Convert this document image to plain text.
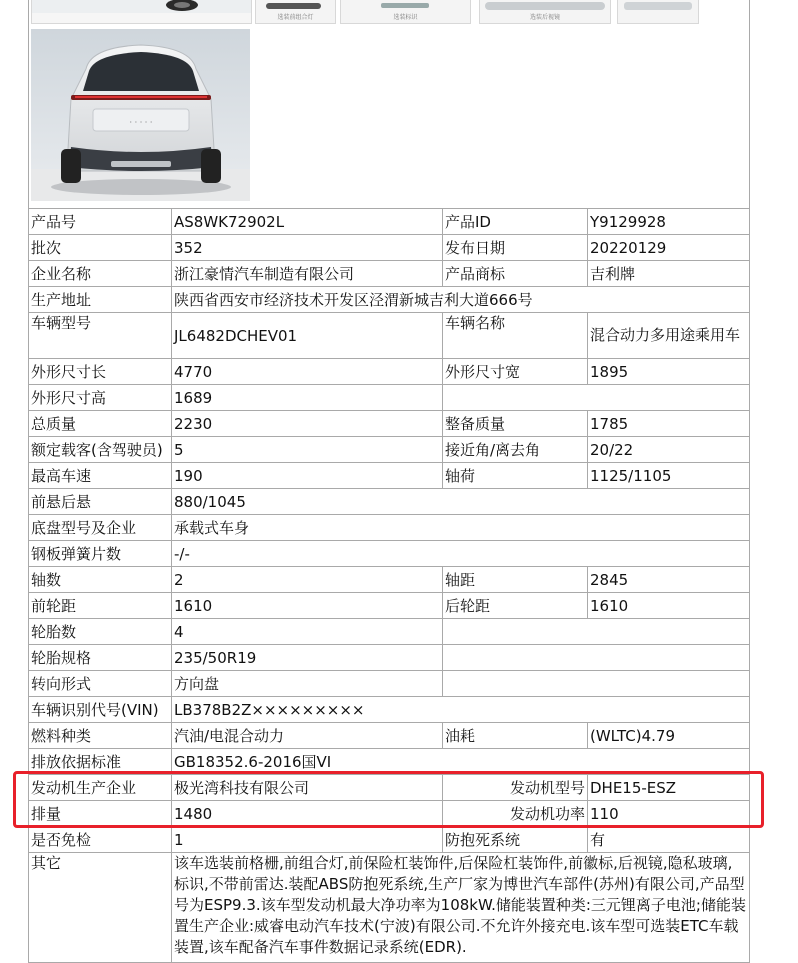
选装前组合灯	选装标识	选装后视镜
· · · · ·
产品号	AS8WK72902L	产品ID	Y9129928
批次	352	发布日期	20220129
企业名称	浙江豪情汽车制造有限公司	产品商标	吉利牌
生产地址	陕西省西安市经济技术开发区泾渭新城吉利大道666号		
车辆型号	JL6482DCHEV01	车辆名称	混合动力多用途乘用车
外形尺寸长	4770	外形尺寸宽	1895
外形尺寸高	1689		
总质量	2230	整备质量	1785
额定载客(含驾驶员)	5	接近角/离去角	20/22
最高车速	190	轴荷	1125/1105
前悬后悬	880/1045		
底盘型号及企业	承载式车身		
钢板弹簧片数	-/-		
轴数	2	轴距	2845
前轮距	1610	后轮距	1610
轮胎数	4		
轮胎规格	235/50R19		
转向形式	方向盘		
车辆识别代号(VIN)	LB378B2Z×××××××××		
燃料种类	汽油/电混合动力	油耗	(WLTC)4.79
排放依据标准	GB18352.6-2016国VI		
发动机生产企业	极光湾科技有限公司	发动机型号	DHE15-ESZ
排量	1480	发动机功率	110
是否免检	1	防抱死系统	有
其它	该车选装前格栅,前组合灯,前保险杠装饰件,后保险杠装饰件,前徽标,后视镜,隐私玻璃,标识,不带前雷达.装配ABS防抱死系统,生产厂家为博世汽车部件(苏州)有限公司,产品型号为ESP9.3.该车型发动机最大净功率为108kW.储能装置种类:三元锂离子电池;储能装置生产企业:威睿电动汽车技术(宁波)有限公司.不允许外接充电.该车型可选装ETC车载装置,该车配备汽车事件数据记录系统(EDR).		
